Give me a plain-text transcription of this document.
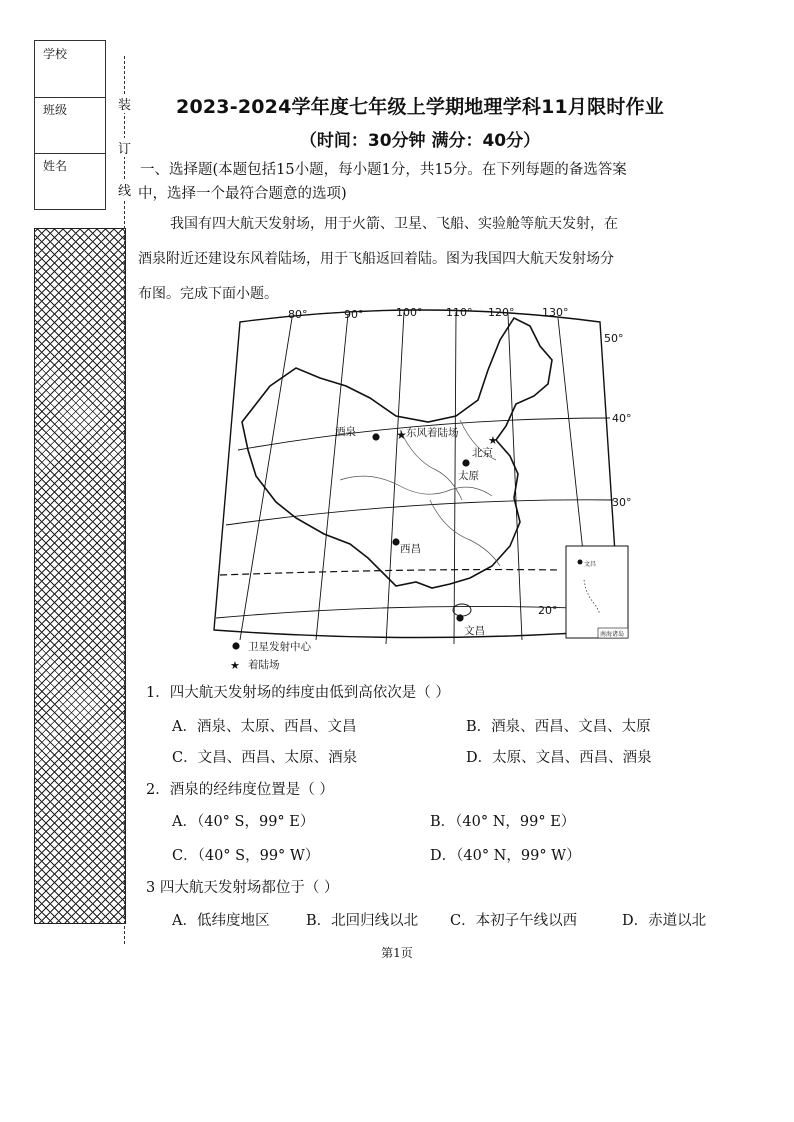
学校
班级
姓名
装
订
线
2023-2024学年度七年级上学期地理学科11月限时作业
（时间：30分钟 满分：40分）
一、选择题(本题包括15小题，每小题1分，共15分。在下列每题的备选答案
中，选择一个最符合题意的选项)
我国有四大航天发射场，用于火箭、卫星、飞船、实验舱等航天发射，在
酒泉附近还建设东风着陆场，用于飞船返回着陆。图为我国四大航天发射场分
布图。完成下面小题。
酒泉	★ 东风着陆场
★
北京
太原
西昌
文昌
80°	90°	100° 110° 120°	130°
50°
40°
30°
20°
文昌
南海诸岛
卫星发射中心
★ 着陆场
1．四大航天发射场的纬度由低到高依次是（ ）
A．酒泉、太原、西昌、文昌	B．酒泉、西昌、文昌、太原
C．文昌、西昌、太原、酒泉	D．太原、文昌、西昌、酒泉
2．酒泉的经纬度位置是（ ）
A．（40° S，99° E）	B．（40° N，99° E）
C．（40° S，99° W）	D．（40° N，99° W）
3 四大航天发射场都位于（ ）
A．低纬度地区	B．北回归线以北 C．本初子午线以西	D．赤道以北
第1页
